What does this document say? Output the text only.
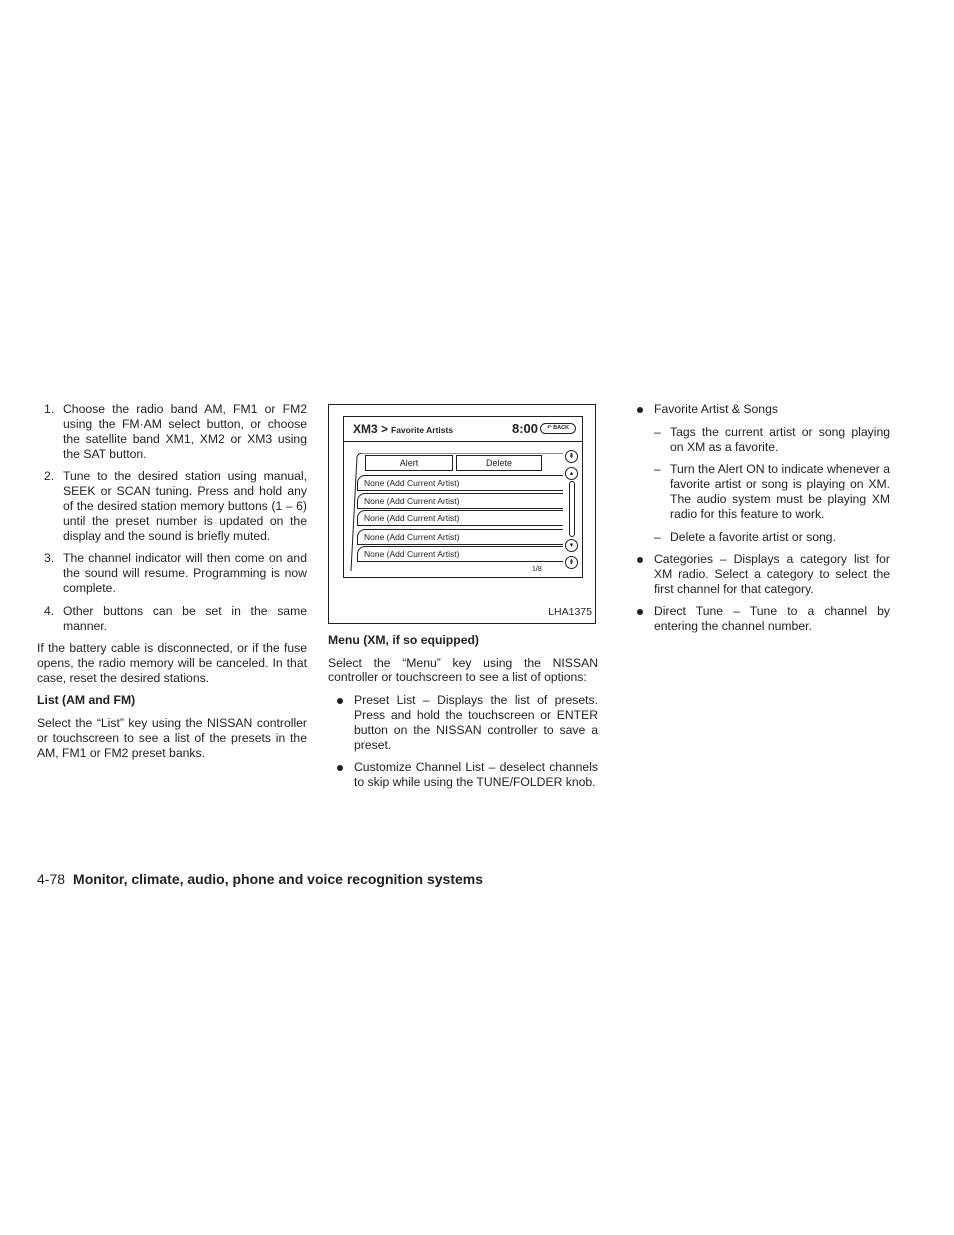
1. Choose the radio band AM, FM1 or FM2 using the FM·AM select button, or choose the satellite band XM1, XM2 or XM3 using the SAT button.
2. Tune to the desired station using manual, SEEK or SCAN tuning. Press and hold any of the desired station memory buttons (1 – 6) until the preset number is updated on the display and the sound is briefly muted.
3. The channel indicator will then come on and the sound will resume. Programming is now complete.
4. Other buttons can be set in the same manner.

If the battery cable is disconnected, or if the fuse opens, the radio memory will be canceled. In that case, reset the desired stations.

List (AM and FM)

Select the “List” key using the NISSAN controller or touchscreen to see a list of the presets in the AM, FM1 or FM2 preset banks.

XM3 > Favorite Artists	8:00	↶ BACK
Alert	Delete
None (Add Current Artist)
None (Add Current Artist)
None (Add Current Artist)
None (Add Current Artist)
None (Add Current Artist)
⇞
▴
▾
⇟
1/8
LHA1375

Menu (XM, if so equipped)

Select the “Menu” key using the NISSAN controller or touchscreen to see a list of options:

Preset List – Displays the list of presets. Press and hold the touchscreen or ENTER button on the NISSAN controller to save a preset.
Customize Channel List – deselect channels to skip while using the TUNE/FOLDER knob.
Favorite Artist & Songs
– Tags the current artist or song playing on XM as a favorite.
– Turn the Alert ON to indicate whenever a favorite artist or song is playing on XM. The audio system must be playing XM radio for this feature to work.
– Delete a favorite artist or song.
Categories – Displays a category list for XM radio. Select a category to select the first channel for that category.
Direct Tune – Tune to a channel by entering the channel number.
4-78 Monitor, climate, audio, phone and voice recognition systems
